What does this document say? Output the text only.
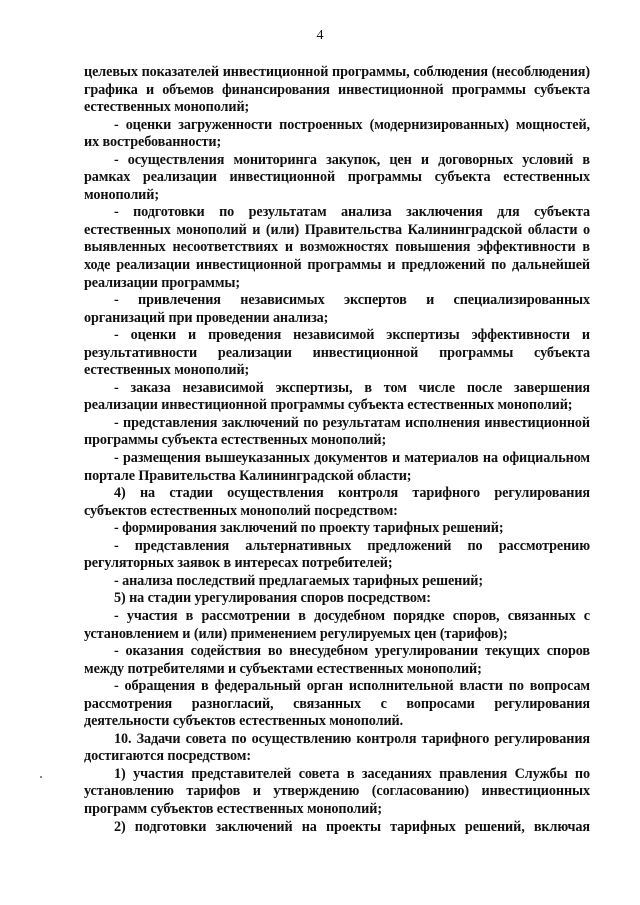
4

целевых показателей инвестиционной программы, соблюдения (несоблюдения) графика и объемов финансирования инвестиционной программы субъекта естественных монополий;

- оценки загруженности построенных (модернизированных) мощностей, их востребованности;

- осуществления мониторинга закупок, цен и договорных условий в рамках реализации инвестиционной программы субъекта естественных монополий;

- подготовки по результатам анализа заключения для субъекта естественных монополий и (или) Правительства Калининградской области о выявленных несоответствиях и возможностях повышения эффективности в ходе реализации инвестиционной программы и предложений по дальнейшей реализации программы;

- привлечения независимых экспертов и специализированных организаций при проведении анализа;

- оценки и проведения независимой экспертизы эффективности и результативности реализации инвестиционной программы субъекта естественных монополий;

- заказа независимой экспертизы, в том числе после завершения реализации инвестиционной программы субъекта естественных монополий;

- представления заключений по результатам исполнения инвестиционной программы субъекта естественных монополий;

- размещения вышеуказанных документов и материалов на официальном портале Правительства Калининградской области;

4) на стадии осуществления контроля тарифного регулирования субъектов естественных монополий посредством:

- формирования заключений по проекту тарифных решений;

- представления альтернативных предложений по рассмотрению регуляторных заявок в интересах потребителей;

- анализа последствий предлагаемых тарифных решений;

5) на стадии урегулирования споров посредством:

- участия в рассмотрении в досудебном порядке споров, связанных с установлением и (или) применением регулируемых цен (тарифов);

- оказания содействия во внесудебном урегулировании текущих споров между потребителями и субъектами естественных монополий;

- обращения в федеральный орган исполнительной власти по вопросам рассмотрения разногласий, связанных с вопросами регулирования деятельности субъектов естественных монополий.

10. Задачи совета по осуществлению контроля тарифного регулирования достигаются посредством:

1) участия представителей совета в заседаниях правления Службы по установлению тарифов и утверждению (согласованию) инвестиционных программ субъектов естественных монополий;

2) подготовки заключений на проекты тарифных решений, включая
